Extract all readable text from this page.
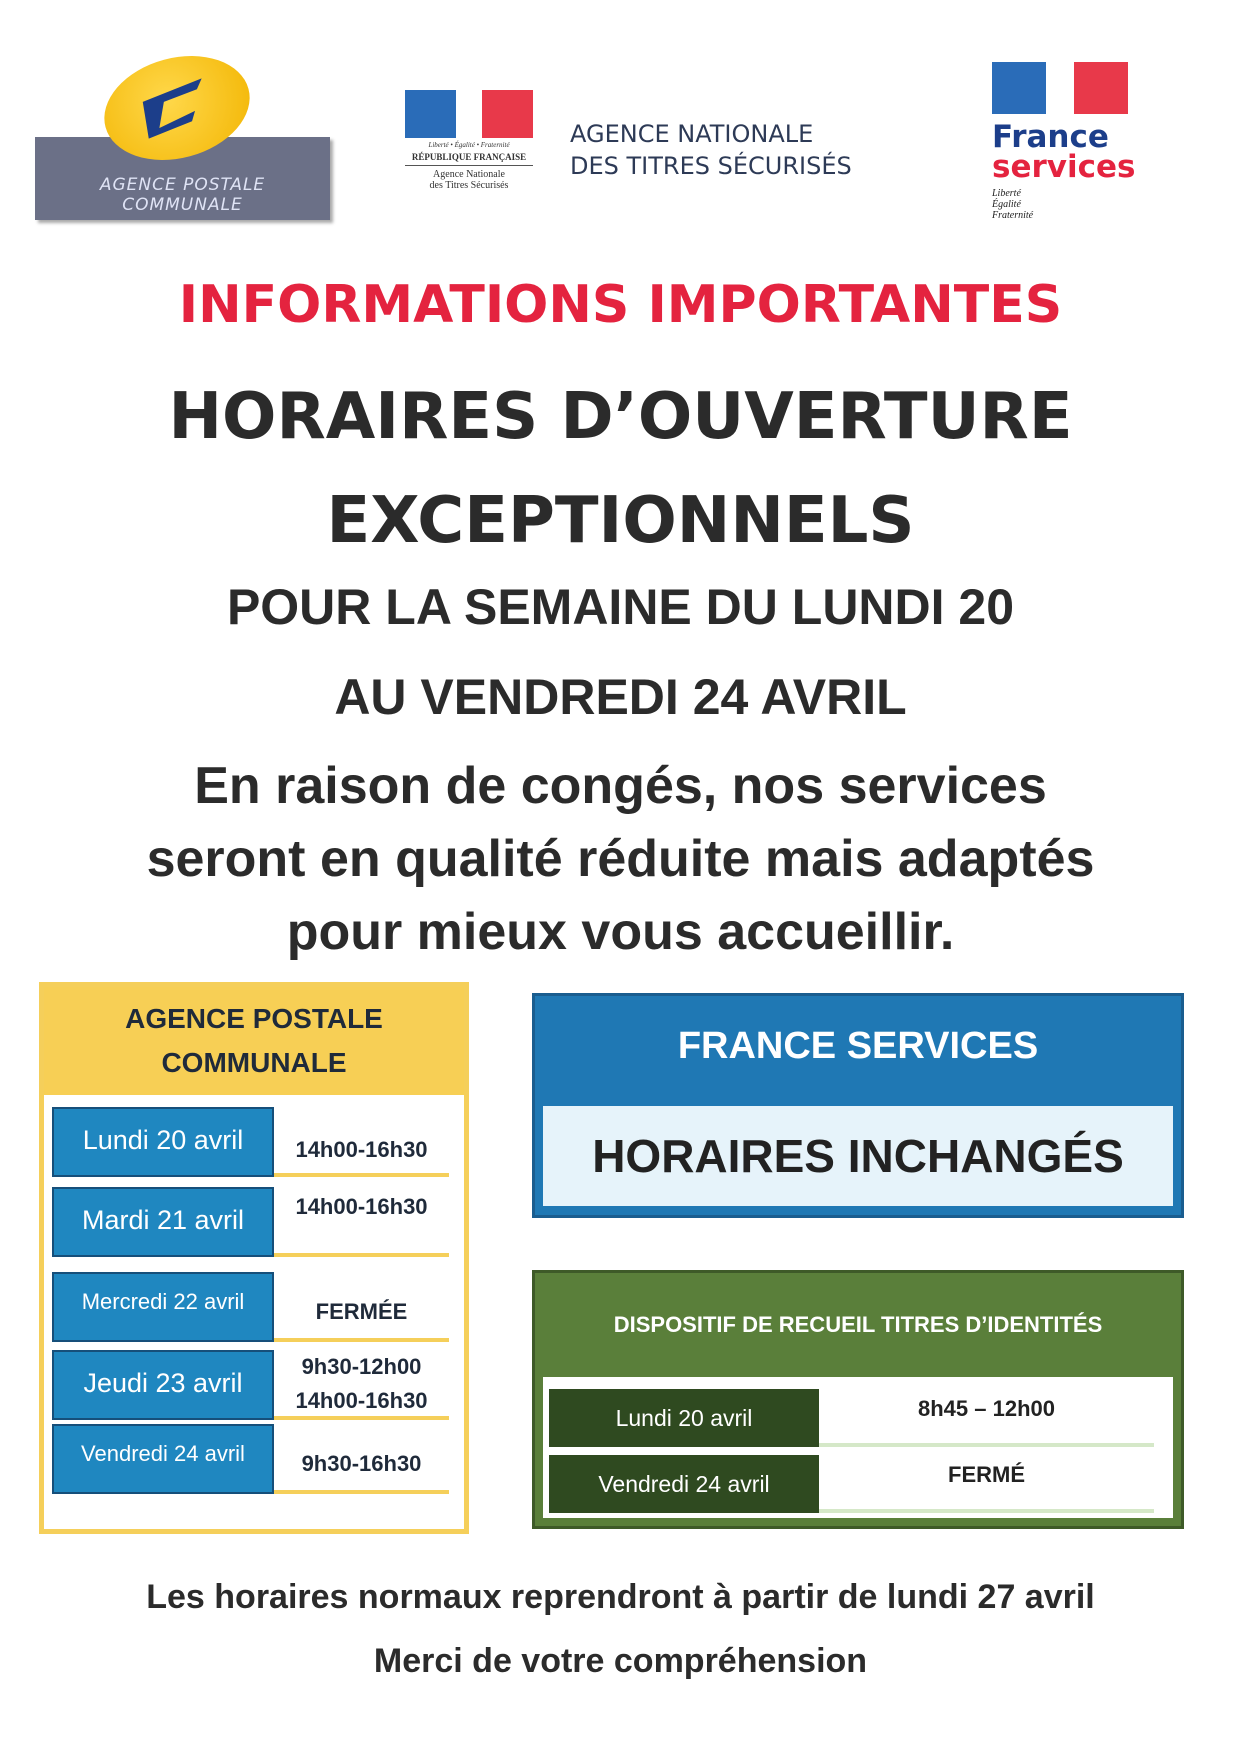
AGENCE POSTALE
COMMUNALE
Liberté • Égalité • Fraternité
RÉPUBLIQUE FRANÇAISE
Agence Nationale
des Titres Sécurisés
AGENCE NATIONALE
DES TITRES SÉCURISÉS
France
services
Liberté
Égalité
Fraternité
INFORMATIONS IMPORTANTES
HORAIRES D’OUVERTURE
EXCEPTIONNELS
POUR LA SEMAINE DU LUNDI 20
AU VENDREDI 24 AVRIL
En raison de congés, nos services
seront en qualité réduite mais adaptés
pour mieux vous accueillir.
AGENCE POSTALE
COMMUNALE
Lundi 20 avril	14h00-16h30
Mardi 21 avril	14h00-16h30
Mercredi 22 avril	FERMÉE
Jeudi 23 avril
9h30-12h00
14h00-16h30
Vendredi 24 avril	9h30-16h30
FRANCE SERVICES
HORAIRES INCHANGÉS
DISPOSITIF DE RECUEIL TITRES D’IDENTITÉS
Lundi 20 avril	8h45 – 12h00
Vendredi 24 avril	FERMÉ
Les horaires normaux reprendront à partir de lundi 27 avril
Merci de votre compréhension
